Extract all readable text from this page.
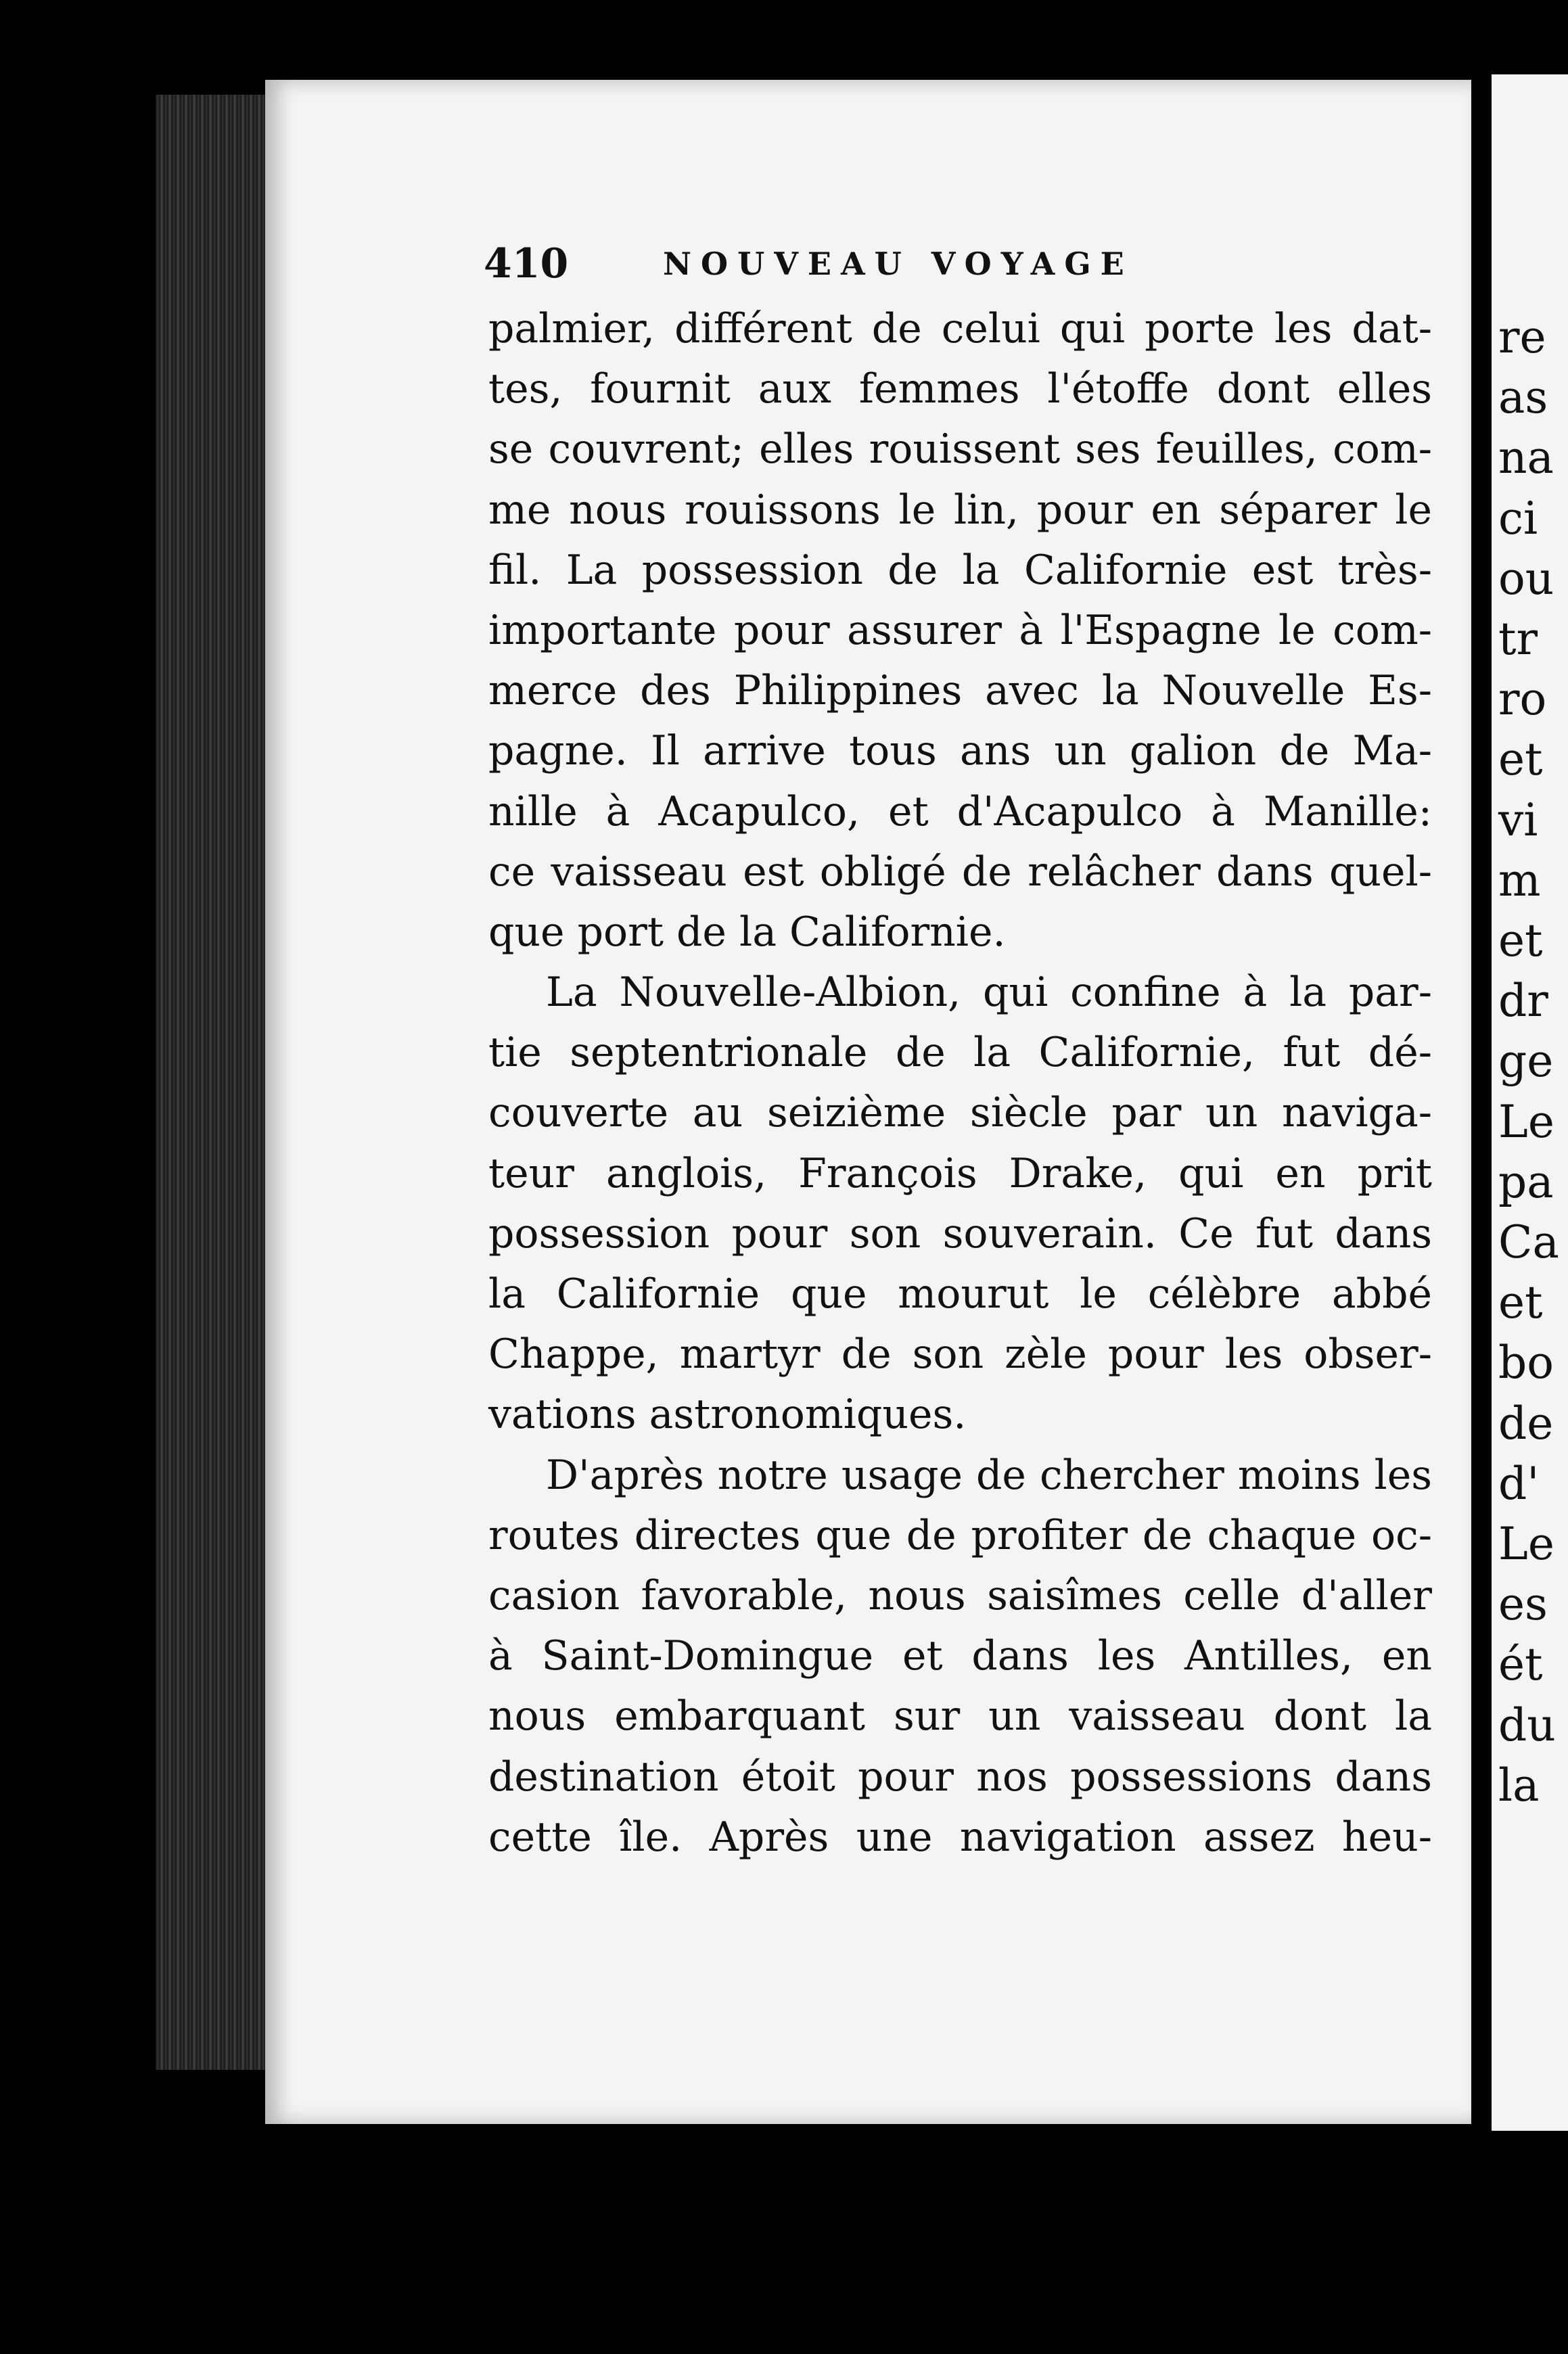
410	NOUVEAU VOYAGE
palmier, différent de celui qui porte les dat-
tes, fournit aux femmes l'étoffe dont elles
se couvrent; elles rouissent ses feuilles, com-
me nous rouissons le lin, pour en séparer le
fil. La possession de la Californie est très-
importante pour assurer à l'Espagne le com-
merce des Philippines avec la Nouvelle Es-
pagne. Il arrive tous ans un galion de Ma-
nille à Acapulco, et d'Acapulco à Manille:
ce vaisseau est obligé de relâcher dans quel-
que port de la Californie.
La Nouvelle-Albion, qui confine à la par-
tie septentrionale de la Californie, fut dé-
couverte au seizième siècle par un naviga-
teur anglois, François Drake, qui en prit
possession pour son souverain. Ce fut dans
la Californie que mourut le célèbre abbé
Chappe, martyr de son zèle pour les obser-
vations astronomiques.
D'après notre usage de chercher moins les
routes directes que de profiter de chaque oc-
casion favorable, nous saisîmes celle d'aller
à Saint-Domingue et dans les Antilles, en
nous embarquant sur un vaisseau dont la
destination étoit pour nos possessions dans
cette île. Après une navigation assez heu-
re
as
na
ci
ou
tr
ro
et
vi
m
et
dr
ge
Le
pa
Ca
et
bo
de
d'
Le
es
ét
du
la
